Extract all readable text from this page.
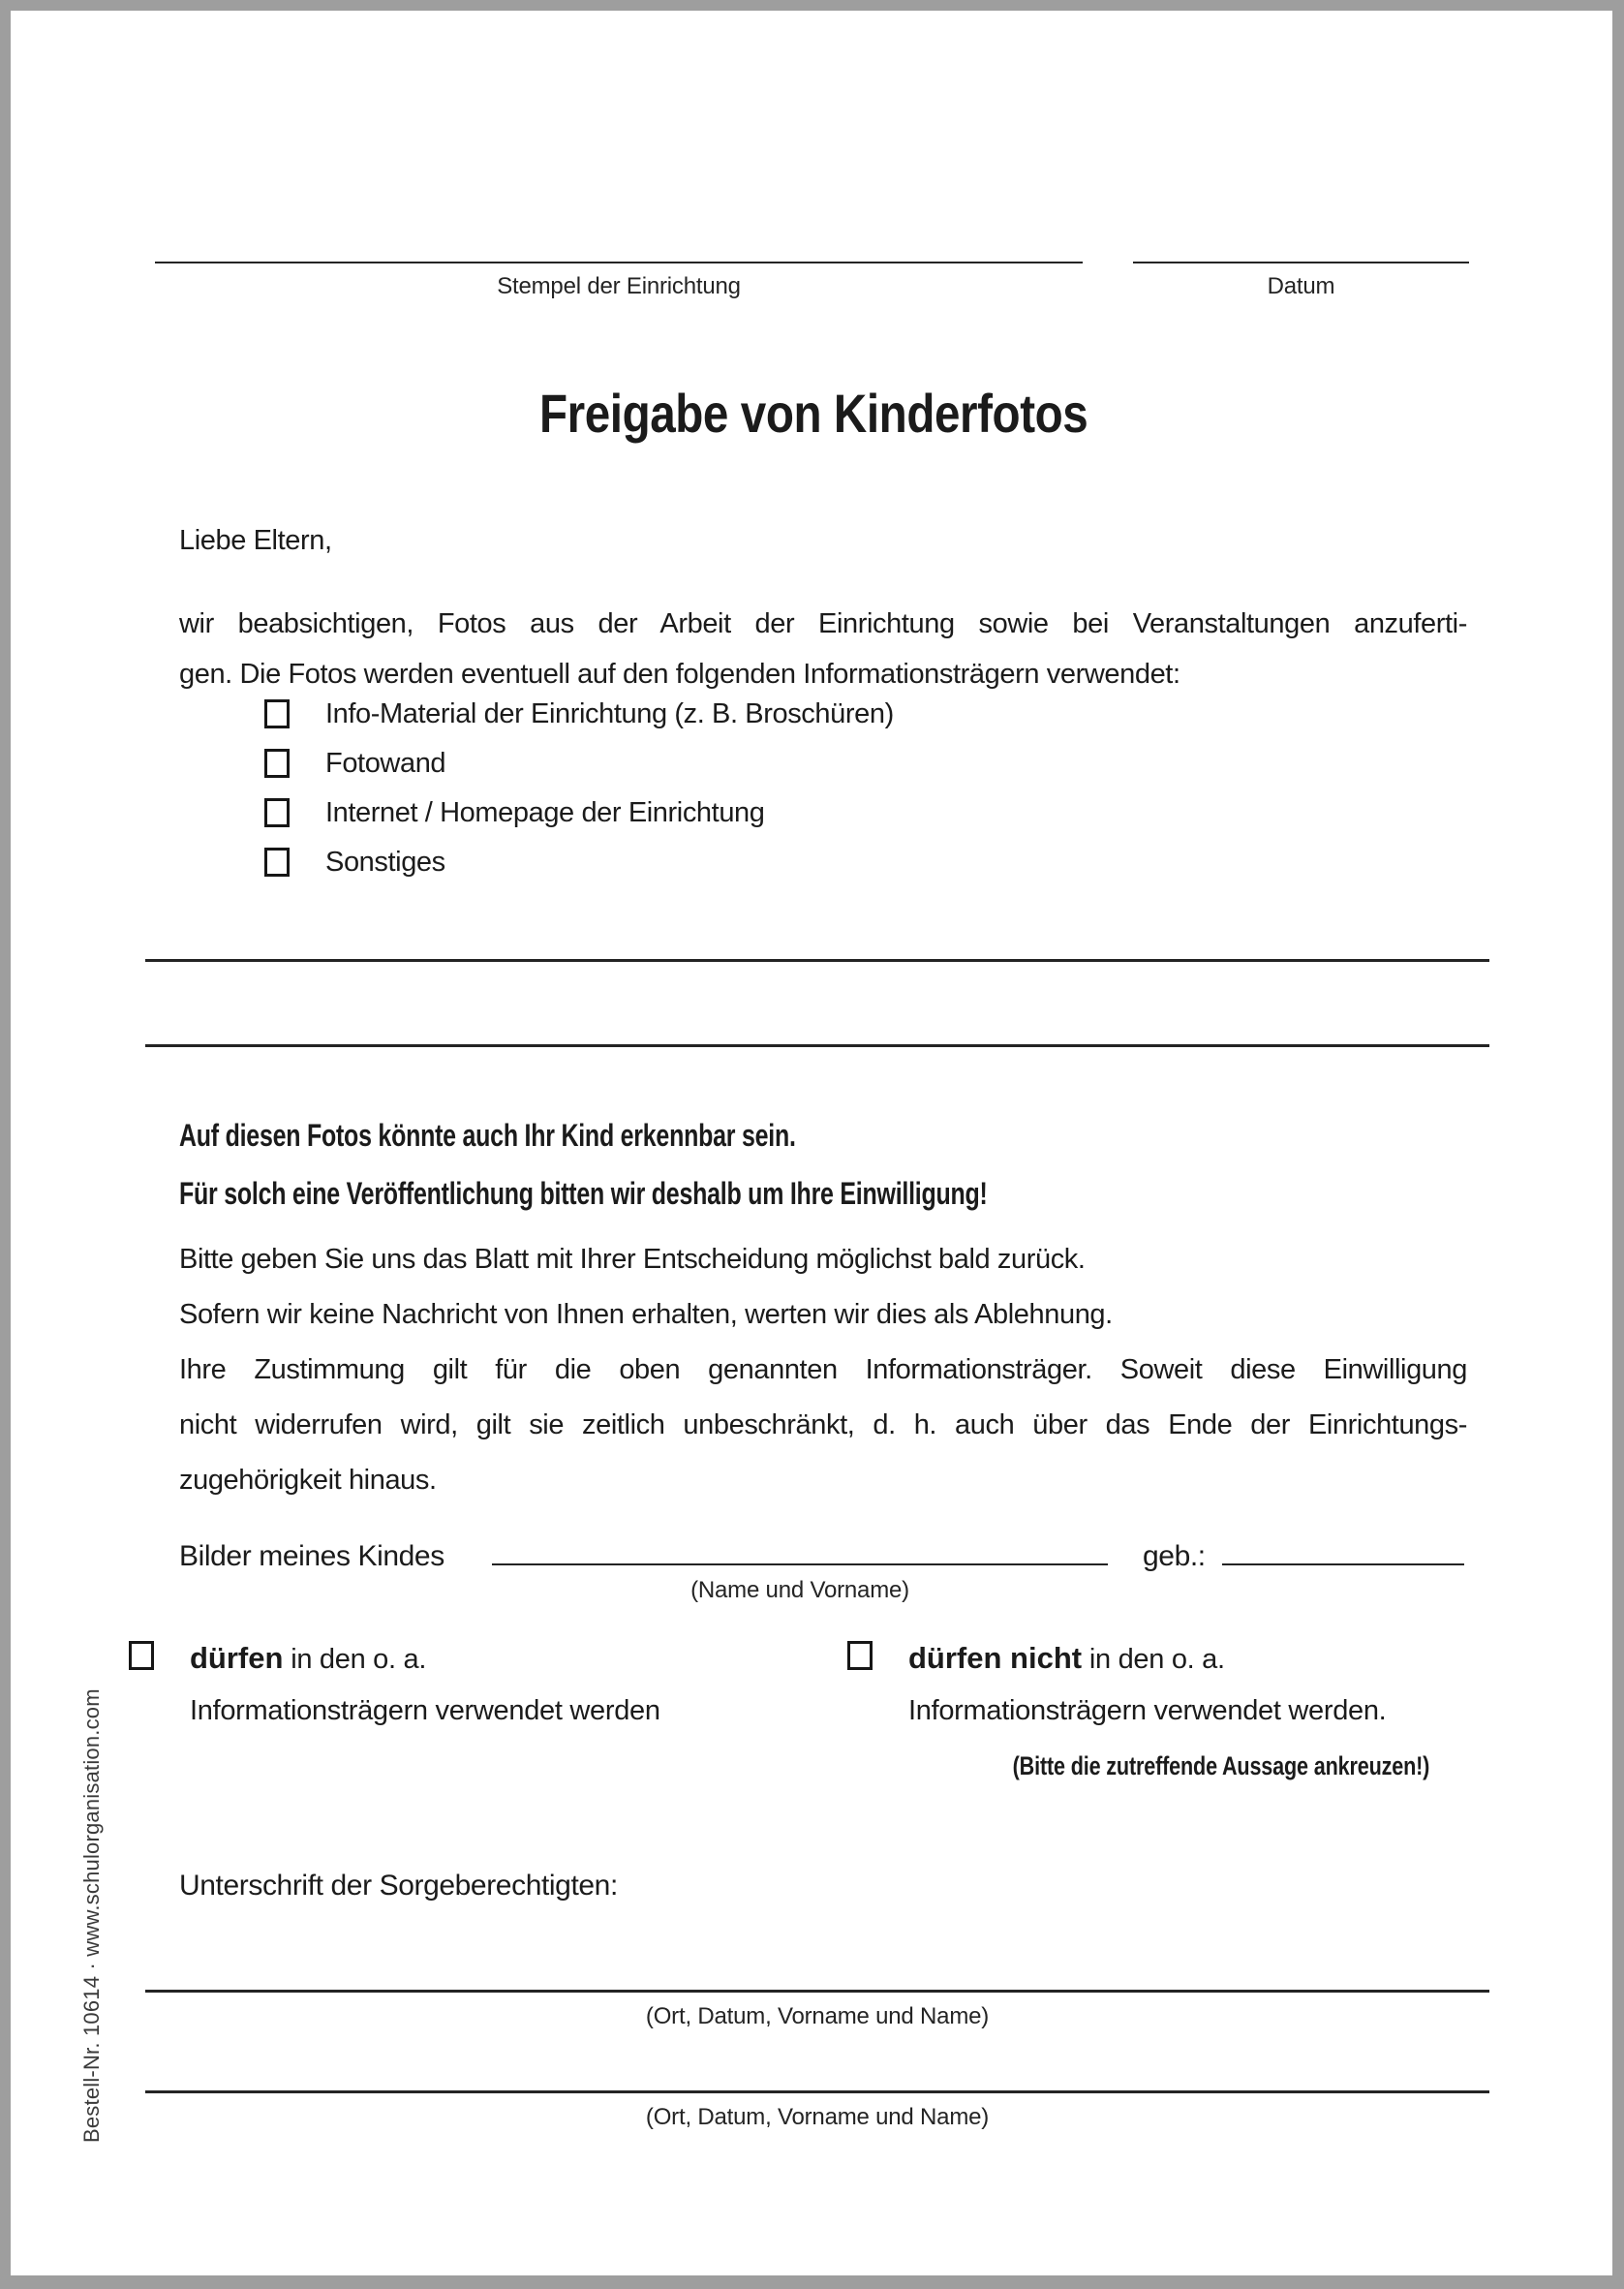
Stempel der Einrichtung	Datum
Freigabe von Kinderfotos
Liebe Eltern,
wir beabsichtigen, Fotos aus der Arbeit der Einrichtung sowie bei Veranstaltungen anzuferti-
gen. Die Fotos werden eventuell auf den folgenden Informationsträgern verwendet:
Info-Material der Einrichtung (z. B. Broschüren)
Fotowand
Internet / Homepage der Einrichtung
Sonstiges
Auf diesen Fotos könnte auch Ihr Kind erkennbar sein.
Für solch eine Veröffentlichung bitten wir deshalb um Ihre Einwilligung!
Bitte geben Sie uns das Blatt mit Ihrer Entscheidung möglichst bald zurück.
Sofern wir keine Nachricht von Ihnen erhalten, werten wir dies als Ablehnung.
Ihre Zustimmung gilt für die oben genannten Informationsträger. Soweit diese Einwilligung
nicht widerrufen wird, gilt sie zeitlich unbeschränkt, d. h. auch über das Ende der Einrichtungs-
zugehörigkeit hinaus.
Bilder meines Kindes
(Name und Vorname)
geb.:
dürfen in den o. a.
Informationsträgern verwendet werden
dürfen nicht in den o. a.
Informationsträgern verwendet werden.
(Bitte die zutreffende Aussage ankreuzen!)
Unterschrift der Sorgeberechtigten:
(Ort, Datum, Vorname und Name)
(Ort, Datum, Vorname und Name)
Bestell-Nr. 10614 · www.schulorganisation.com
